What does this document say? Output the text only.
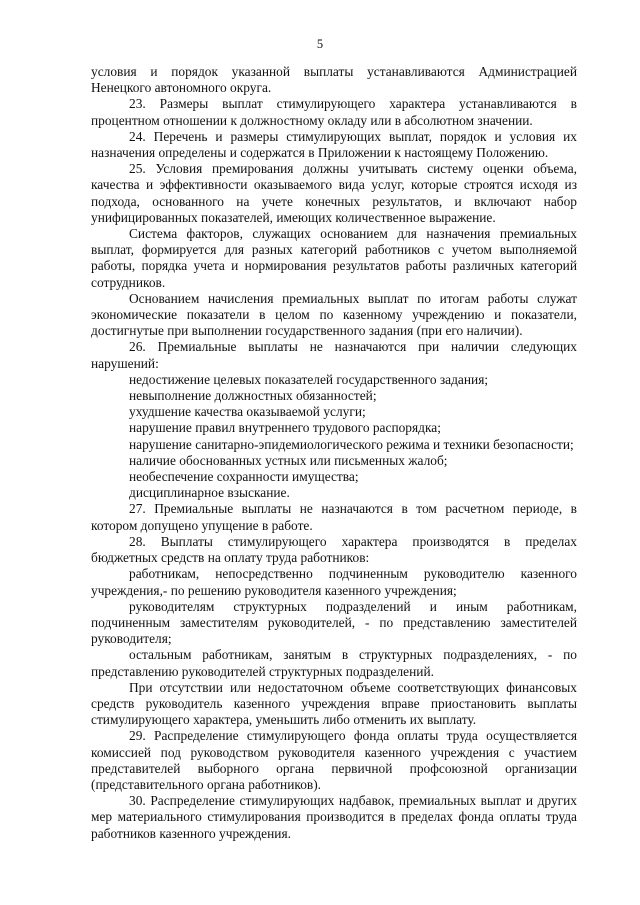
5

условия и порядок указанной выплаты устанавливаются Администрацией Ненецкого автономного округа.

23. Размеры выплат стимулирующего характера устанавливаются в процентном отношении к должностному окладу или в абсолютном значении.

24. Перечень и размеры стимулирующих выплат, порядок и условия их назначения определены и содержатся в Приложении к настоящему Положению.

25. Условия премирования должны учитывать систему оценки объема, качества и эффективности оказываемого вида услуг, которые строятся исходя из подхода, основанного на учете конечных результатов, и включают набор унифицированных показателей, имеющих количественное выражение.

Система факторов, служащих основанием для назначения премиальных выплат, формируется для разных категорий работников с учетом выполняемой работы, порядка учета и нормирования результатов работы различных категорий сотрудников.

Основанием начисления премиальных выплат по итогам работы служат экономические показатели в целом по казенному учреждению и показатели, достигнутые при выполнении государственного задания (при его наличии).

26. Премиальные выплаты не назначаются при наличии следующих нарушений:

недостижение целевых показателей государственного задания;

невыполнение должностных обязанностей;

ухудшение качества оказываемой услуги;

нарушение правил внутреннего трудового распорядка;

нарушение санитарно-эпидемиологического режима и техники безопасности;

наличие обоснованных устных или письменных жалоб;

необеспечение сохранности имущества;

дисциплинарное взыскание.

27. Премиальные выплаты не назначаются в том расчетном периоде, в котором допущено упущение в работе.

28. Выплаты стимулирующего характера производятся в пределах бюджетных средств на оплату труда работников:

работникам, непосредственно подчиненным руководителю казенного учреждения,- по решению руководителя казенного учреждения;

руководителям структурных подразделений и иным работникам, подчиненным заместителям руководителей, - по представлению заместителей руководителя;

остальным работникам, занятым в структурных подразделениях, - по представлению руководителей структурных подразделений.

При отсутствии или недостаточном объеме соответствующих финансовых средств руководитель казенного учреждения вправе приостановить выплаты стимулирующего характера, уменьшить либо отменить их выплату.

29. Распределение стимулирующего фонда оплаты труда осуществляется комиссией под руководством руководителя казенного учреждения с участием представителей выборного органа первичной профсоюзной организации (представительного органа работников).

30. Распределение стимулирующих надбавок, премиальных выплат и других мер материального стимулирования производится в пределах фонда оплаты труда работников казенного учреждения.
